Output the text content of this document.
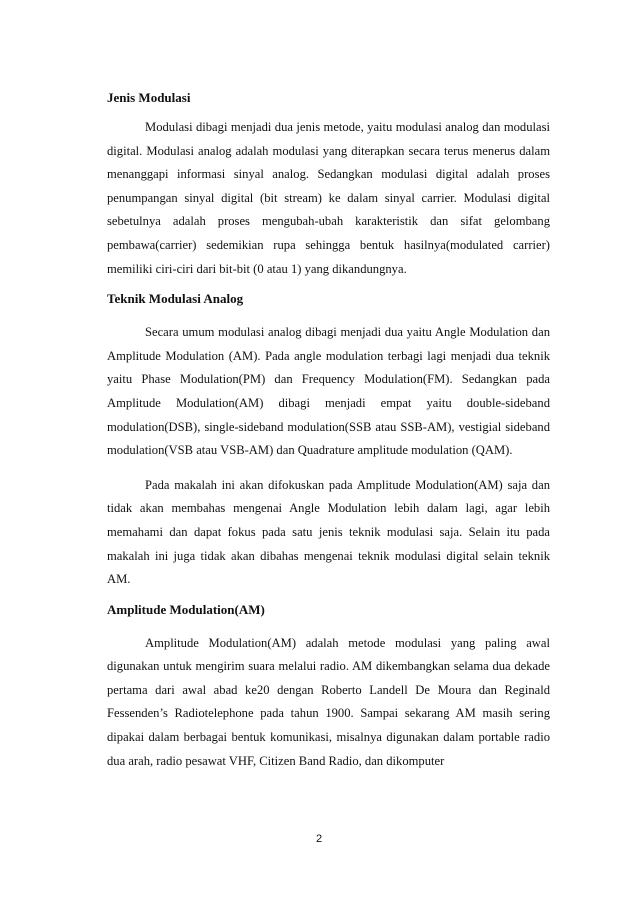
Jenis Modulasi

Modulasi dibagi menjadi dua jenis metode, yaitu modulasi analog dan modulasi digital. Modulasi analog adalah modulasi yang diterapkan secara terus menerus dalam menanggapi informasi sinyal analog. Sedangkan modulasi digital adalah proses penumpangan sinyal digital (bit stream) ke dalam sinyal carrier. Modulasi digital sebetulnya adalah proses mengubah-ubah karakteristik dan sifat gelombang pembawa(carrier) sedemikian rupa sehingga bentuk hasilnya(modulated carrier) memiliki ciri-ciri dari bit-bit (0 atau 1) yang dikandungnya.

Teknik Modulasi Analog

Secara umum modulasi analog dibagi menjadi dua yaitu Angle Modulation dan Amplitude Modulation (AM). Pada angle modulation terbagi lagi menjadi dua teknik yaitu Phase Modulation(PM) dan Frequency Modulation(FM). Sedangkan pada Amplitude Modulation(AM) dibagi menjadi empat yaitu double-sideband modulation(DSB), single-sideband modulation(SSB atau SSB-AM), vestigial sideband modulation(VSB atau VSB-AM) dan Quadrature amplitude modulation (QAM).

Pada makalah ini akan difokuskan pada Amplitude Modulation(AM) saja dan tidak akan membahas mengenai Angle Modulation lebih dalam lagi, agar lebih memahami dan dapat fokus pada satu jenis teknik modulasi saja. Selain itu pada makalah ini juga tidak akan dibahas mengenai teknik modulasi digital selain teknik AM.

Amplitude Modulation(AM)

Amplitude Modulation(AM) adalah metode modulasi yang paling awal digunakan untuk mengirim suara melalui radio. AM dikembangkan selama dua dekade pertama dari awal abad ke20 dengan Roberto Landell De Moura dan Reginald Fessenden’s Radiotelephone pada tahun 1900. Sampai sekarang AM masih sering dipakai dalam berbagai bentuk komunikasi, misalnya digunakan dalam portable radio dua arah, radio pesawat VHF, Citizen Band Radio, dan dikomputer

2
